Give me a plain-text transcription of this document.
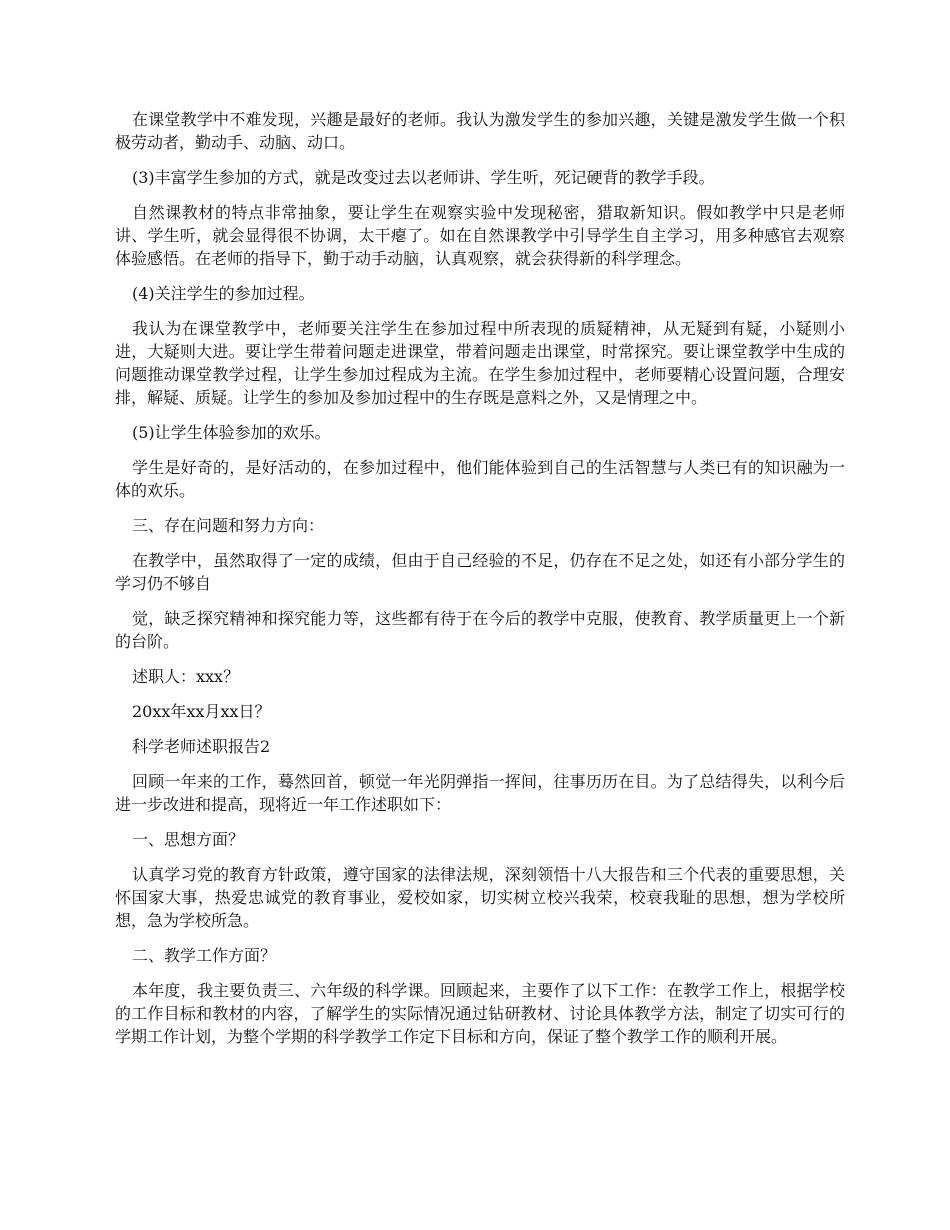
在课堂教学中不难发现，兴趣是最好的老师。我认为激发学生的参加兴趣，关键是激发学生做一个积极劳动者，勤动手、动脑、动口。

(3)丰富学生参加的方式，就是改变过去以老师讲、学生听，死记硬背的教学手段。

自然课教材的特点非常抽象，要让学生在观察实验中发现秘密，猎取新知识。假如教学中只是老师讲、学生听，就会显得很不协调，太干瘪了。如在自然课教学中引导学生自主学习，用多种感官去观察体验感悟。在老师的指导下，勤于动手动脑，认真观察，就会获得新的科学理念。

(4)关注学生的参加过程。

我认为在课堂教学中，老师要关注学生在参加过程中所表现的质疑精神，从无疑到有疑，小疑则小进，大疑则大进。要让学生带着问题走进课堂，带着问题走出课堂，时常探究。要让课堂教学中生成的问题推动课堂教学过程，让学生参加过程成为主流。在学生参加过程中，老师要精心设置问题，合理安排，解疑、质疑。让学生的参加及参加过程中的生存既是意料之外，又是情理之中。

(5)让学生体验参加的欢乐。

学生是好奇的，是好活动的，在参加过程中，他们能体验到自己的生活智慧与人类已有的知识融为一体的欢乐。

三、存在问题和努力方向：

在教学中，虽然取得了一定的成绩，但由于自己经验的不足，仍存在不足之处，如还有小部分学生的学习仍不够自

觉，缺乏探究精神和探究能力等，这些都有待于在今后的教学中克服，使教育、教学质量更上一个新的台阶。

述职人：xxx？

20xx年xx月xx日？

科学老师述职报告2

回顾一年来的工作，蓦然回首，顿觉一年光阴弹指一挥间，往事历历在目。为了总结得失，以利今后进一步改进和提高，现将近一年工作述职如下：

一、思想方面？

认真学习党的教育方针政策，遵守国家的法律法规，深刻领悟十八大报告和三个代表的重要思想，关怀国家大事，热爱忠诚党的教育事业，爱校如家，切实树立校兴我荣，校衰我耻的思想，想为学校所想，急为学校所急。

二、教学工作方面？

本年度，我主要负责三、六年级的科学课。回顾起来，主要作了以下工作：在教学工作上，根据学校的工作目标和教材的内容，了解学生的实际情况通过钻研教材、讨论具体教学方法，制定了切实可行的学期工作计划，为整个学期的科学教学工作定下目标和方向，保证了整个教学工作的顺利开展。
